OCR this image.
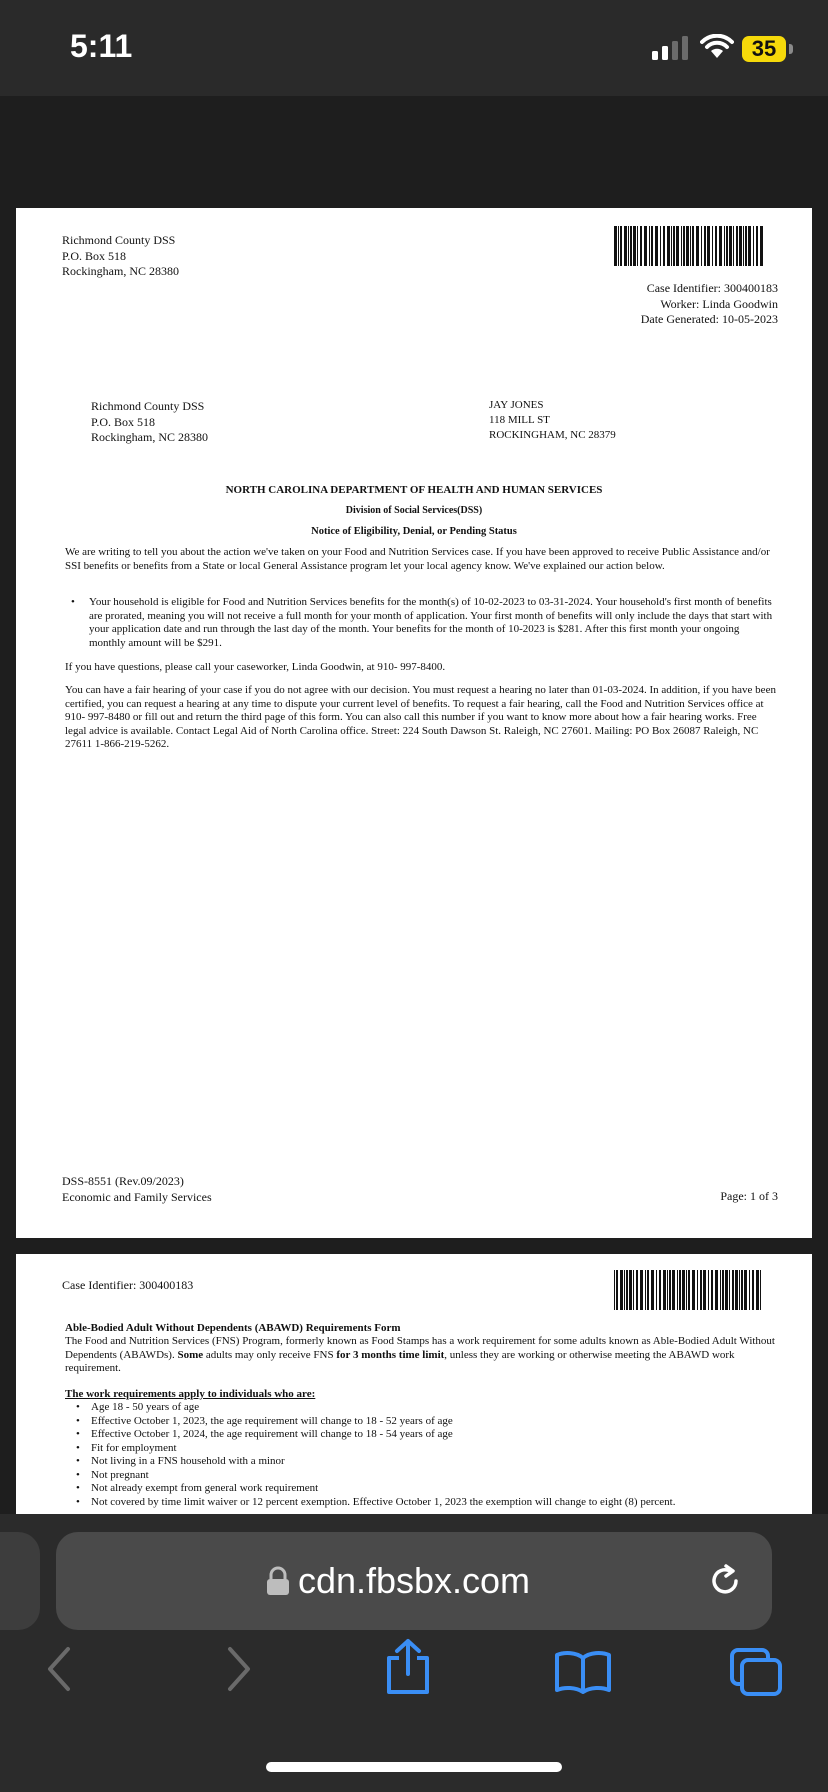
5:11	35
Richmond County DSS
P.O. Box 518
Rockingham, NC 28380
Case Identifier: 300400183
Worker: Linda Goodwin
Date Generated: 10-05-2023
Richmond County DSS
P.O. Box 518
Rockingham, NC 28380
JAY JONES
118 MILL ST
ROCKINGHAM, NC 28379
NORTH CAROLINA DEPARTMENT OF HEALTH AND HUMAN SERVICES
Division of Social Services(DSS)
Notice of Eligibility, Denial, or Pending Status
We are writing to tell you about the action we've taken on your Food and Nutrition Services case. If you have been approved to receive Public Assistance and/or SSI benefits or benefits from a State or local General Assistance program let your local agency know. We've explained our action below.
• Your household is eligible for Food and Nutrition Services benefits for the month(s) of 10-02-2023 to 03-31-2024. Your household's first month of benefits are prorated, meaning you will not receive a full month for your month of application. Your first month of benefits will only include the days that start with your application date and run through the last day of the month. Your benefits for the month of 10-2023 is $281. After this first month your ongoing monthly amount will be $291.
If you have questions, please call your caseworker, Linda Goodwin, at 910- 997-8400.
You can have a fair hearing of your case if you do not agree with our decision. You must request a hearing no later than 01-03-2024. In addition, if you have been certified, you can request a hearing at any time to dispute your current level of benefits. To request a fair hearing, call the Food and Nutrition Services office at 910- 997-8480 or fill out and return the third page of this form. You can also call this number if you want to know more about how a fair hearing works. Free legal advice is available. Contact Legal Aid of North Carolina office. Street: 224 South Dawson St. Raleigh, NC 27601. Mailing: PO Box 26087 Raleigh, NC 27611 1-866-219-5262.
DSS-8551 (Rev.09/2023)
Economic and Family Services	Page: 1 of 3
Case Identifier: 300400183
Able-Bodied Adult Without Dependents (ABAWD) Requirements Form
The Food and Nutrition Services (FNS) Program, formerly known as Food Stamps has a work requirement for some adults known as Able-Bodied Adult Without Dependents (ABAWDs). Some adults may only receive FNS for 3 months time limit, unless they are working or otherwise meeting the ABAWD work requirement.
The work requirements apply to individuals who are:
• Age 18 - 50 years of age
• Effective October 1, 2023, the age requirement will change to 18 - 52 years of age
• Effective October 1, 2024, the age requirement will change to 18 - 54 years of age
• Fit for employment
• Not living in a FNS household with a minor
• Not pregnant
• Not already exempt from general work requirement
• Not covered by time limit waiver or 12 percent exemption. Effective October 1, 2023 the exemption will change to eight (8) percent.
cdn.fbsbx.com
